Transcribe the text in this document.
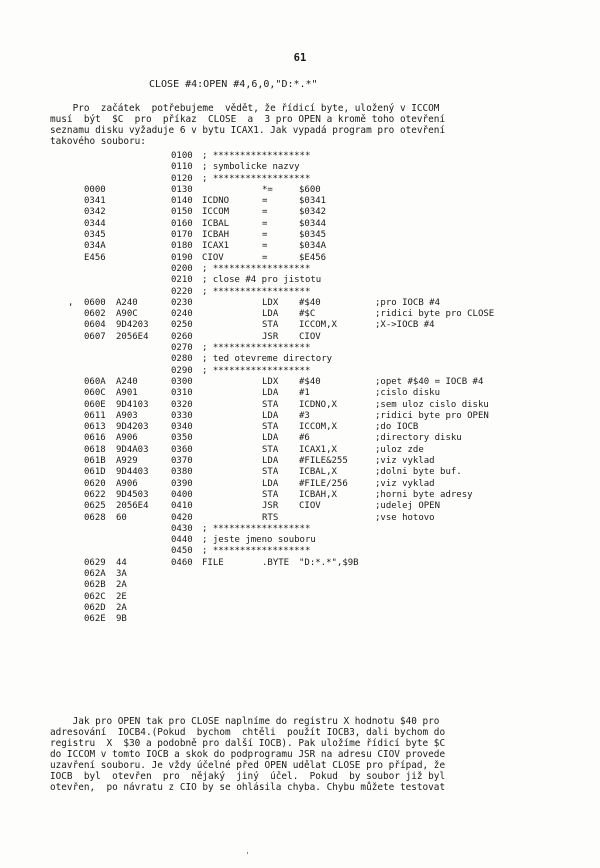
61
CLOSE #4:OPEN #4,6,0,"D:*.*"
Pro  začátek  potřebujeme  vědět, že řídicí byte, uložený v ICCOM
musí  být  $C  pro  příkaz  CLOSE  a  3 pro OPEN a kromě toho otevření
seznamu disku vyžaduje 6 v bytu ICAX1. Jak vypadá program pro otevření
takového souboru:
0100 ; ******************
0110 ; symbolicke nazvy
0120 ; ******************
0000	0130	*=	$600
0341	0140 ICDNO	=	$0341
0342	0150 ICCOM	=	$0342
0344	0160 ICBAL	=	$0344
0345	0170 ICBAH	=	$0345
034A	0180 ICAX1	=	$034A
E456	0190 CIOV	=	$E456
0200 ; ******************
0210 ; close #4 pro jistotu
0220 ; ******************
, 0600 A240	0230	LDX #$40	;pro IOCB #4
0602 A90C	0240	LDA #$C	;ridici byte pro CLOSE
0604 9D4203 0250	STA ICCOM,X	;X->IOCB #4
0607 2056E4 0260	JSR CIOV
0270 ; ******************
0280 ; ted otevreme directory
0290 ; ******************
060A A240	0300	LDX #$40	;opet #$40 = IOCB #4
060C A901	0310	LDA #1	;cislo disku
060E 9D4103 0320	STA ICDNO,X	;sem uloz cislo disku
0611 A903	0330	LDA #3	;ridici byte pro OPEN
0613 9D4203 0340	STA ICCOM,X	;do IOCB
0616 A906	0350	LDA #6	;directory disku
0618 9D4A03 0360	STA ICAX1,X	;uloz zde
061B A929	0370	LDA #FILE&255	;viz vyklad
061D 9D4403 0380	STA ICBAL,X	;dolni byte buf.
0620 A906	0390	LDA #FILE/256	;viz vyklad
0622 9D4503 0400	STA ICBAH,X	;horni byte adresy
0625 2056E4 0410	JSR CIOV	;udelej OPEN
0628 60	0420	RTS	;vse hotovo
0430 ; ******************
0440 ; jeste jmeno souboru
0450 ; ******************
0629 44	0460 FILE	.BYTE "D:*.*",$9B
062A 3A
062B 2A
062C 2E
062D 2A
062E 9B
Jak pro OPEN tak pro CLOSE naplníme do registru X hodnotu $40 pro
adresování  IOCB4.(Pokud  bychom  chtěli  použít IOCB3, dali bychom do
registru  X  $30 a podobně pro další IOCB). Pak uložíme řídicí byte $C
do ICCOM v tomto IOCB a skok do podprogramu JSR na adresu CIOV provede
uzavření souboru. Je vždy účelné před OPEN udělat CLOSE pro případ, že
IOCB  byl  otevřen  pro  nějaký  jiný  účel.  Pokud  by soubor již byl
otevřen,  po návratu z CIO by se ohlásila chyba. Chybu můžete testovat
'
